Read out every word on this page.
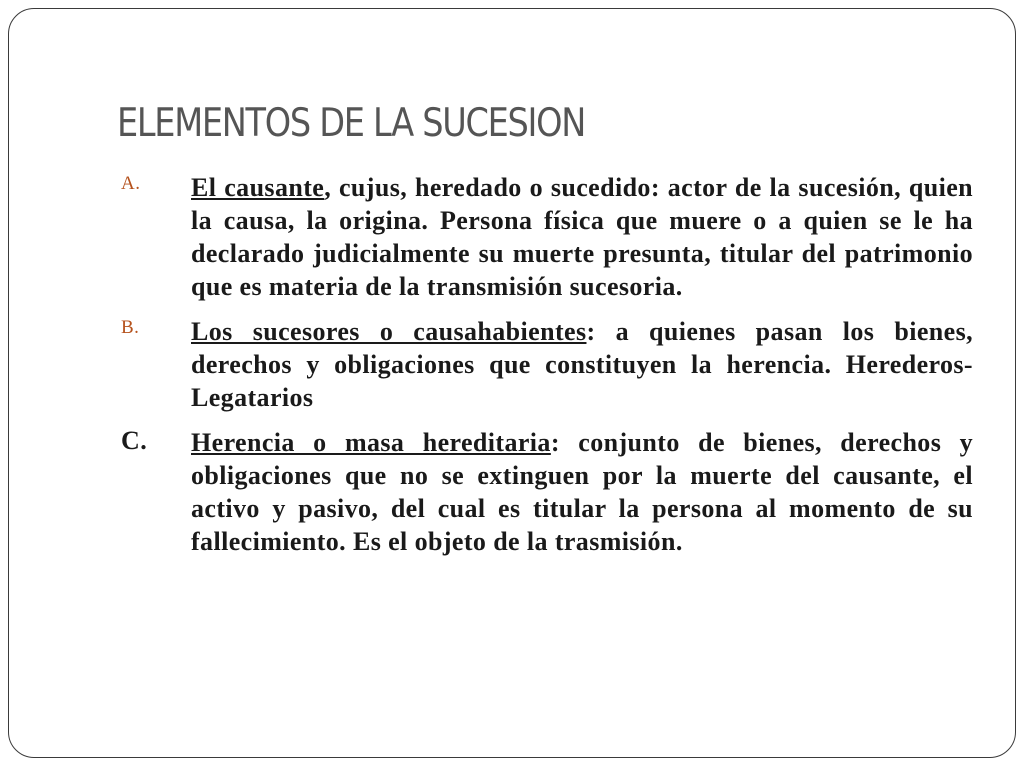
ELEMENTOS DE LA SUCESION
A. El causante, cujus, heredado o sucedido: actor de la sucesión, quien la causa, la origina. Persona física que muere o a quien se le ha declarado judicialmente su muerte presunta, titular del patrimonio que es materia de la transmisión sucesoria.
B. Los sucesores o causahabientes: a quienes pasan los bienes, derechos y obligaciones que constituyen la herencia. Herederos- Legatarios
C. Herencia o masa hereditaria: conjunto de bienes, derechos y obligaciones que no se extinguen por la muerte del causante, el activo y pasivo, del cual es titular la persona al momento de su fallecimiento. Es el objeto de la trasmisión.
